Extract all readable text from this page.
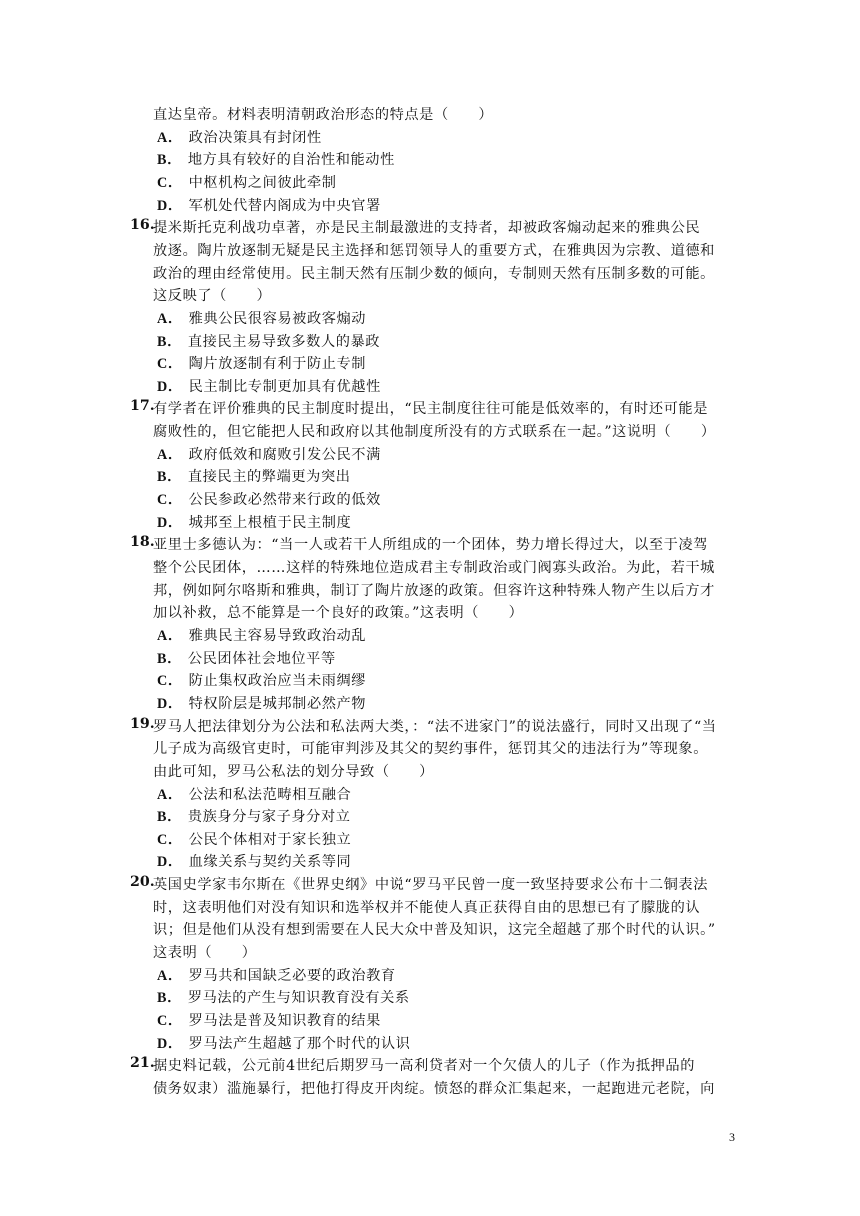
直达皇帝。材料表明清朝政治形态的特点是（　　）
A． 政治决策具有封闭性
B． 地方具有较好的自治性和能动性
C． 中枢机构之间彼此牵制
D． 军机处代替内阁成为中央官署
16.
提米斯托克利战功卓著，亦是民主制最激进的支持者，却被政客煽动起来的雅典公民
放逐。陶片放逐制无疑是民主选择和惩罚领导人的重要方式，在雅典因为宗教、道德和
政治的理由经常使用。民主制天然有压制少数的倾向，专制则天然有压制多数的可能。
这反映了（　　）
A． 雅典公民很容易被政客煽动
B． 直接民主易导致多数人的暴政
C． 陶片放逐制有利于防止专制
D． 民主制比专制更加具有优越性
17.
有学者在评价雅典的民主制度时提出，“民主制度往往可能是低效率的，有时还可能是
腐败性的，但它能把人民和政府以其他制度所没有的方式联系在一起。”这说明（　　）
A． 政府低效和腐败引发公民不满
B． 直接民主的弊端更为突出
C． 公民参政必然带来行政的低效
D． 城邦至上根植于民主制度
18.
亚里士多德认为：“当一人或若干人所组成的一个团体，势力增长得过大，以至于凌驾
整个公民团体，……这样的特殊地位造成君主专制政治或门阀寡头政治。为此，若干城
邦，例如阿尔咯斯和雅典，制订了陶片放逐的政策。但容许这种特殊人物产生以后方才
加以补救，总不能算是一个良好的政策。”这表明（　　）
A． 雅典民主容易导致政治动乱
B． 公民团体社会地位平等
C． 防止集权政治应当未雨绸缪
D． 特权阶层是城邦制必然产物
19.
罗马人把法律划分为公法和私法两大类，：“法不进家门”的说法盛行，同时又出现了“当
儿子成为高级官吏时，可能审判涉及其父的契约事件，惩罚其父的违法行为”等现象。
由此可知，罗马公私法的划分导致（　　）
A． 公法和私法范畴相互融合
B． 贵族身分与家子身分对立
C． 公民个体相对于家长独立
D． 血缘关系与契约关系等同
20.
英国史学家韦尔斯在《世界史纲》中说“罗马平民曾一度一致坚持要求公布十二铜表法
时，这表明他们对没有知识和选举权并不能使人真正获得自由的思想已有了朦胧的认
识；但是他们从没有想到需要在人民大众中普及知识，这完全超越了那个时代的认识。”
这表明（　　）
A． 罗马共和国缺乏必要的政治教育
B． 罗马法的产生与知识教育没有关系
C． 罗马法是普及知识教育的结果
D． 罗马法产生超越了那个时代的认识
21.
据史料记载，公元前4世纪后期罗马一高利贷者对一个欠债人的儿子（作为抵押品的
债务奴隶）滥施暴行，把他打得皮开肉绽。愤怒的群众汇集起来，一起跑进元老院，向
3
